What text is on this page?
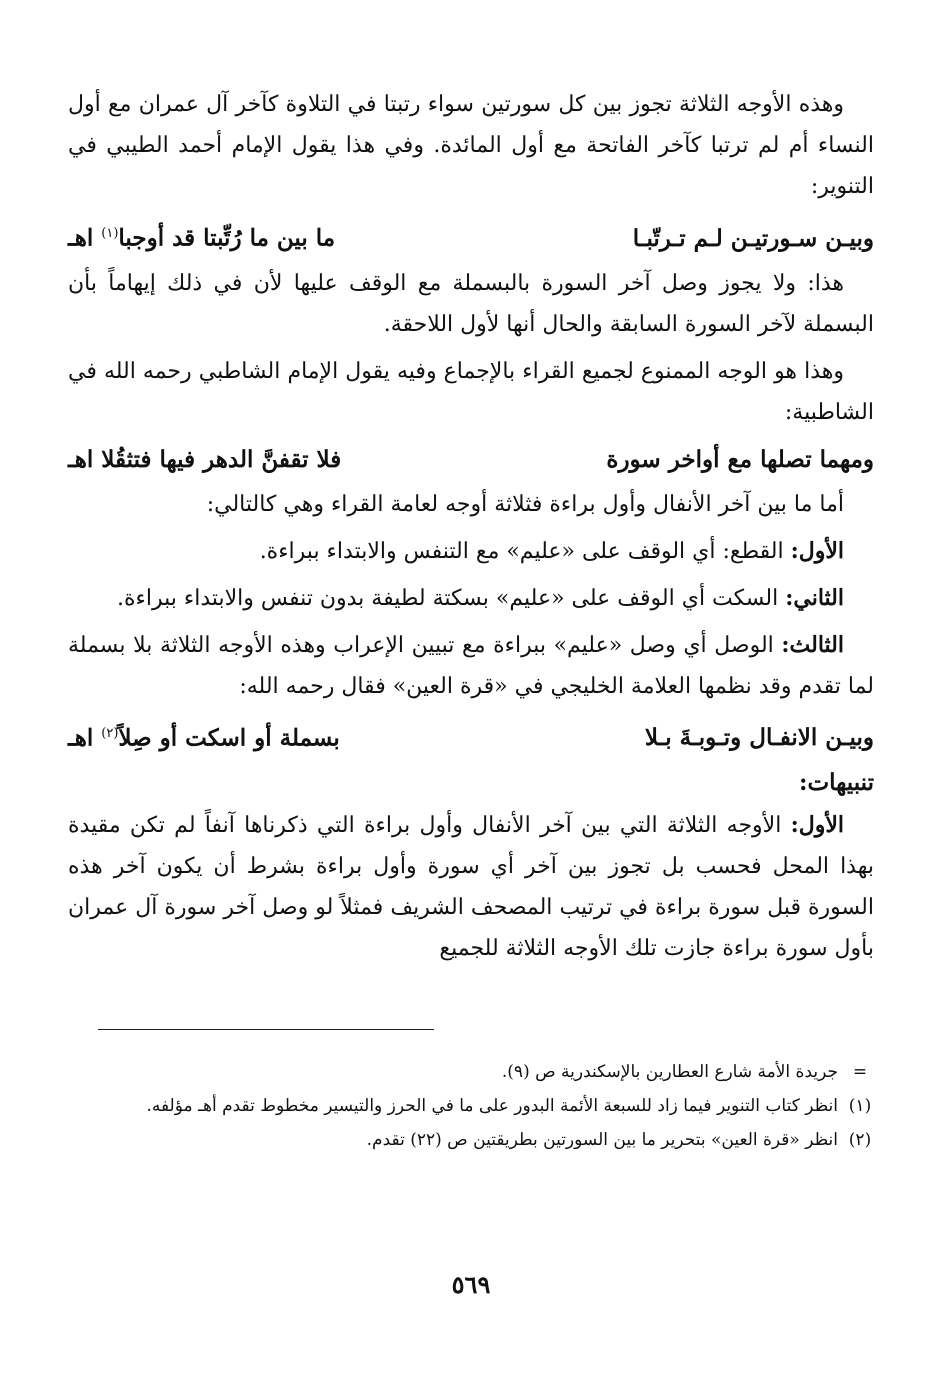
وهذه الأوجه الثلاثة تجوز بين كل سورتين سواء رتبتا في التلاوة كآخر آل عمران مع أول النساء أم لم ترتبا كآخر الفاتحة مع أول المائدة. وفي هذا يقول الإمام أحمد الطيبي في التنوير:

وبيـن سـورتيـن لـم تـرتّبـا
ما بين ما رُتِّبتا قد أوجبا$^{(١)}$ اهـ

هذا: ولا يجوز وصل آخر السورة بالبسملة مع الوقف عليها لأن في ذلك إيهاماً بأن البسملة لآخر السورة السابقة والحال أنها لأول اللاحقة.

وهذا هو الوجه الممنوع لجميع القراء بالإجماع وفيه يقول الإمام الشاطبي رحمه الله في الشاطبية:

ومهما تصلها مع أواخر سورة
فلا تقفنَّ الدهر فيها فتثقُلا اهـ

أما ما بين آخر الأنفال وأول براءة فثلاثة أوجه لعامة القراء وهي كالتالي:

الأول: القطع: أي الوقف على «عليم» مع التنفس والابتداء ببراءة.

الثاني: السكت أي الوقف على «عليم» بسكتة لطيفة بدون تنفس والابتداء ببراءة.

الثالث: الوصل أي وصل «عليم» ببراءة مع تبيين الإعراب وهذه الأوجه الثلاثة بلا بسملة لما تقدم وقد نظمها العلامة الخليجي في «قرة العين» فقال رحمه الله:

وبيـن الانفـال وتـوبـةَ بـلا
بسملة أو اسكت أو صِلاً$^{(٢)}$ اهـ
تنبيهات:

الأول: الأوجه الثلاثة التي بين آخر الأنفال وأول براءة التي ذكرناها آنفاً لم تكن مقيدة بهذا المحل فحسب بل تجوز بين آخر أي سورة وأول براءة بشرط أن يكون آخر هذه السورة قبل سورة براءة في ترتيب المصحف الشريف فمثلاً لو وصل آخر سورة آل عمران بأول سورة براءة جازت تلك الأوجه الثلاثة للجميع

=
جريدة الأمة شارع العطارين بالإسكندرية ص (٩).
(١)
انظر كتاب التنوير فيما زاد للسبعة الأئمة البدور على ما في الحرز والتيسير مخطوط تقدم أهـ مؤلفه.
(٢)
انظر «قرة العين» بتحرير ما بين السورتين بطريقتين ص (٢٢) تقدم.
٥٦٩
